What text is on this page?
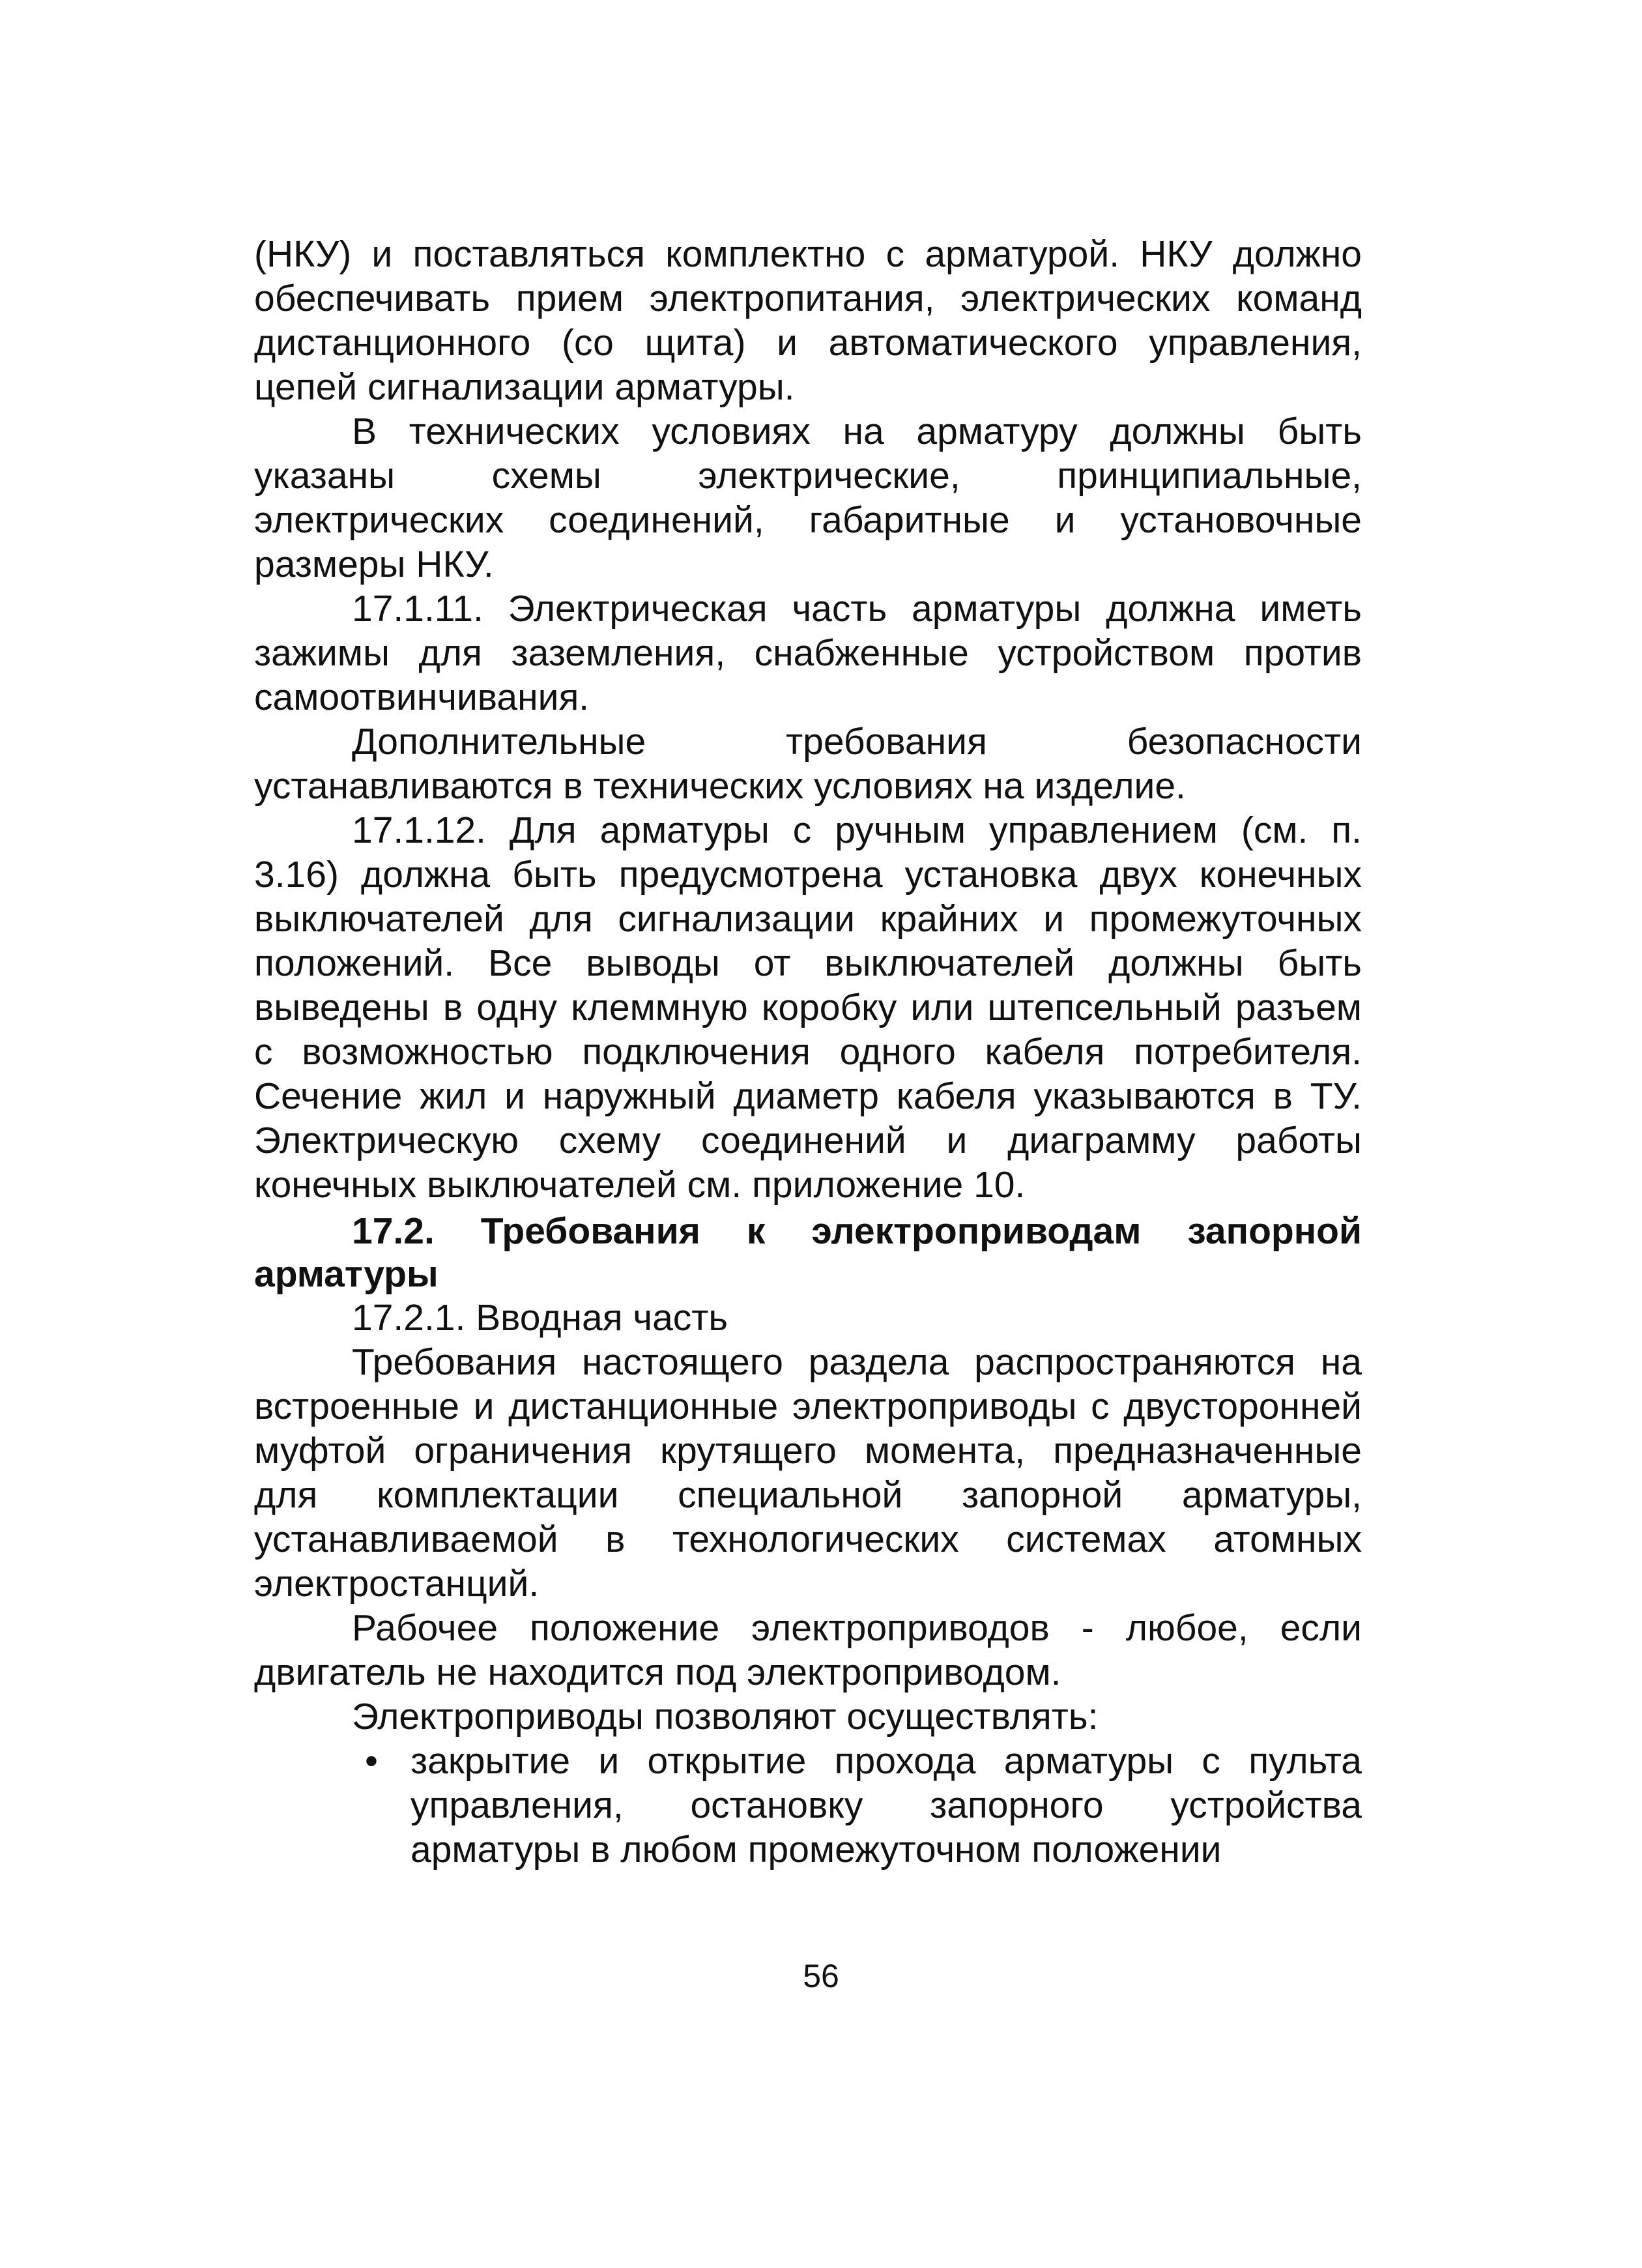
(НКУ) и поставляться комплектно с арматурой. НКУ должно обеспечивать прием электропитания, электрических команд дистанционного (со щита) и автоматического управления, цепей сигнализации арматуры.

В технических условиях на арматуру должны быть указаны схемы электрические, принципиальные, электрических соединений, габаритные и установочные размеры НКУ.

17.1.11. Электрическая часть арматуры должна иметь зажимы для заземления, снабженные устройством против самоотвинчивания.

Дополнительные требования безопасности устанавливаются в технических условиях на изделие.

17.1.12. Для арматуры с ручным управлением (см. п. 3.16) должна быть предусмотрена установка двух конечных выключателей для сигнализации крайних и промежуточных положений. Все выводы от выключателей должны быть выведены в одну клеммную коробку или штепсельный разъем с возможностью подключения одного кабеля потребителя. Сечение жил и наружный диаметр кабеля указываются в ТУ. Электрическую схему соединений и диаграмму работы конечных выключателей см. приложение 10.

17.2. Требования к электроприводам запорной арматуры

17.2.1. Вводная часть

Требования настоящего раздела распространяются на встроенные и дистанционные электроприводы с двусторонней муфтой ограничения крутящего момента, предназначенные для комплектации специальной запорной арматуры, устанавливаемой в технологических системах атомных электростанций.

Рабочее положение электроприводов - любое, если двигатель не находится под электроприводом.

Электроприводы позволяют осуществлять:

• закрытие и открытие прохода арматуры с пульта управления, остановку запорного устройства арматуры в любом промежуточном положении
56
